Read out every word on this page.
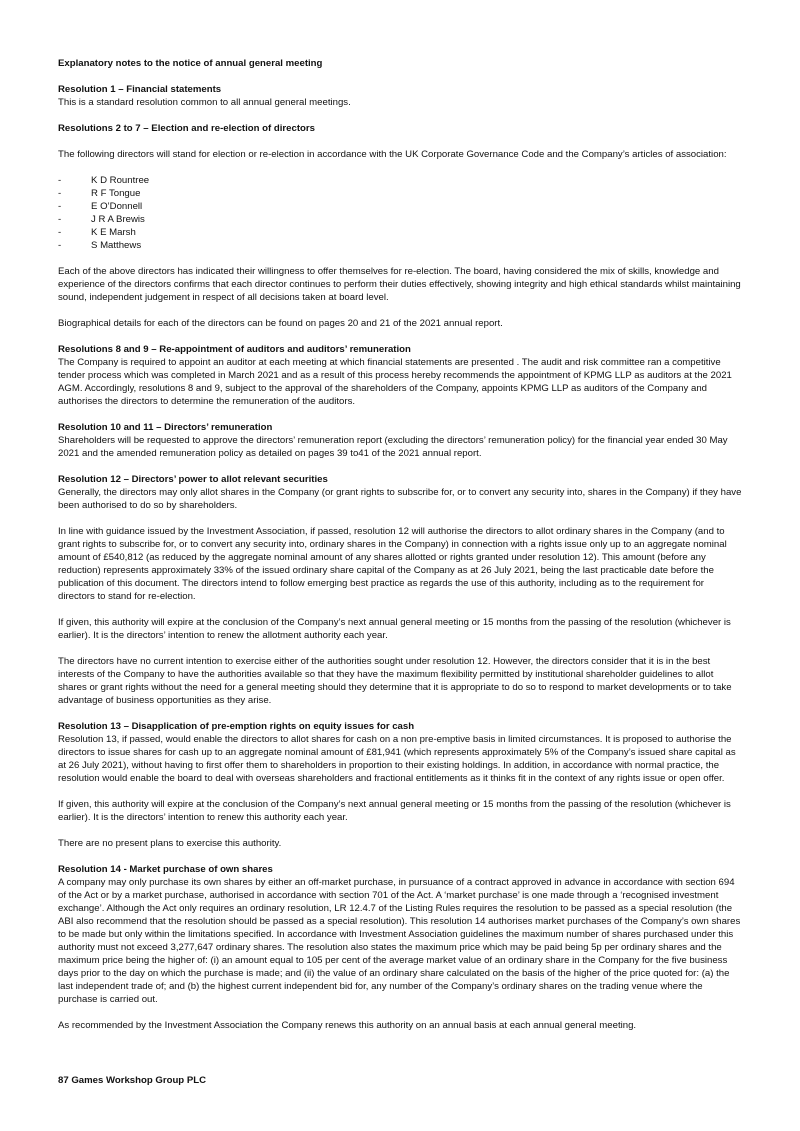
Explanatory notes to the notice of annual general meeting

Resolution 1 – Financial statements

This is a standard resolution common to all annual general meetings.

Resolutions 2 to 7 – Election and re-election of directors

The following directors will stand for election or re-election in accordance with the UK Corporate Governance Code and the Company’s articles of association:

-	K D Rountree
-	R F Tongue
-	E O’Donnell
-	J R A Brewis
-	K E Marsh
-	S Matthews

Each of the above directors has indicated their willingness to offer themselves for re-election. The board, having considered the mix of skills, knowledge and experience of the directors confirms that each director continues to perform their duties effectively, showing integrity and high ethical standards whilst maintaining sound, independent judgement in respect of all decisions taken at board level.

Biographical details for each of the directors can be found on pages 20 and 21 of the 2021 annual report.

Resolutions 8 and 9 – Re-appointment of auditors and auditors’ remuneration

The Company is required to appoint an auditor at each meeting at which financial statements are presented . The audit and risk committee ran a competitive tender process which was completed in March 2021 and as a result of this process hereby recommends the appointment of KPMG LLP as auditors at the 2021 AGM. Accordingly, resolutions 8 and 9, subject to the approval of the shareholders of the Company, appoints KPMG LLP as auditors of the Company and authorises the directors to determine the remuneration of the auditors.

Resolution 10 and 11 – Directors’ remuneration

Shareholders will be requested to approve the directors’ remuneration report (excluding the directors’ remuneration policy) for the financial year ended 30 May 2021 and the amended remuneration policy as detailed on pages 39 to41 of the 2021 annual report.

Resolution 12 – Directors’ power to allot relevant securities

Generally, the directors may only allot shares in the Company (or grant rights to subscribe for, or to convert any security into, shares in the Company) if they have been authorised to do so by shareholders.

In line with guidance issued by the Investment Association, if passed, resolution 12 will authorise the directors to allot ordinary shares in the Company (and to grant rights to subscribe for, or to convert any security into, ordinary shares in the Company) in connection with a rights issue only up to an aggregate nominal amount of £540,812 (as reduced by the aggregate nominal amount of any shares allotted or rights granted under resolution 12). This amount (before any reduction) represents approximately 33% of the issued ordinary share capital of the Company as at 26 July 2021, being the last practicable date before the publication of this document. The directors intend to follow emerging best practice as regards the use of this authority, including as to the requirement for directors to stand for re-election.

If given, this authority will expire at the conclusion of the Company’s next annual general meeting or 15 months from the passing of the resolution (whichever is earlier). It is the directors’ intention to renew the allotment authority each year.

The directors have no current intention to exercise either of the authorities sought under resolution 12. However, the directors consider that it is in the best interests of the Company to have the authorities available so that they have the maximum flexibility permitted by institutional shareholder guidelines to allot shares or grant rights without the need for a general meeting should they determine that it is appropriate to do so to respond to market developments or to take advantage of business opportunities as they arise.

Resolution 13 – Disapplication of pre-emption rights on equity issues for cash

Resolution 13, if passed, would enable the directors to allot shares for cash on a non pre-emptive basis in limited circumstances. It is proposed to authorise the directors to issue shares for cash up to an aggregate nominal amount of £81,941 (which represents approximately 5% of the Company’s issued share capital as at 26 July 2021), without having to first offer them to shareholders in proportion to their existing holdings. In addition, in accordance with normal practice, the resolution would enable the board to deal with overseas shareholders and fractional entitlements as it thinks fit in the context of any rights issue or open offer.

If given, this authority will expire at the conclusion of the Company’s next annual general meeting or 15 months from the passing of the resolution (whichever is earlier). It is the directors’ intention to renew this authority each year.

There are no present plans to exercise this authority.

Resolution 14 - Market purchase of own shares

A company may only purchase its own shares by either an off-market purchase, in pursuance of a contract approved in advance in accordance with section 694 of the Act or by a market purchase, authorised in accordance with section 701 of the Act. A ‘market purchase’ is one made through a ‘recognised investment exchange’. Although the Act only requires an ordinary resolution, LR 12.4.7 of the Listing Rules requires the resolution to be passed as a special resolution (the ABI also recommend that the resolution should be passed as a special resolution). This resolution 14 authorises market purchases of the Company’s own shares to be made but only within the limitations specified. In accordance with Investment Association guidelines the maximum number of shares purchased under this authority must not exceed 3,277,647 ordinary shares. The resolution also states the maximum price which may be paid being 5p per ordinary shares and the maximum price being the higher of: (i) an amount equal to 105 per cent of the average market value of an ordinary share in the Company for the five business days prior to the day on which the purchase is made; and (ii) the value of an ordinary share calculated on the basis of the higher of the price quoted for: (a) the last independent trade of; and (b) the highest current independent bid for, any number of the Company’s ordinary shares on the trading venue where the purchase is carried out.

As recommended by the Investment Association the Company renews this authority on an annual basis at each annual general meeting.

87 Games Workshop Group PLC
